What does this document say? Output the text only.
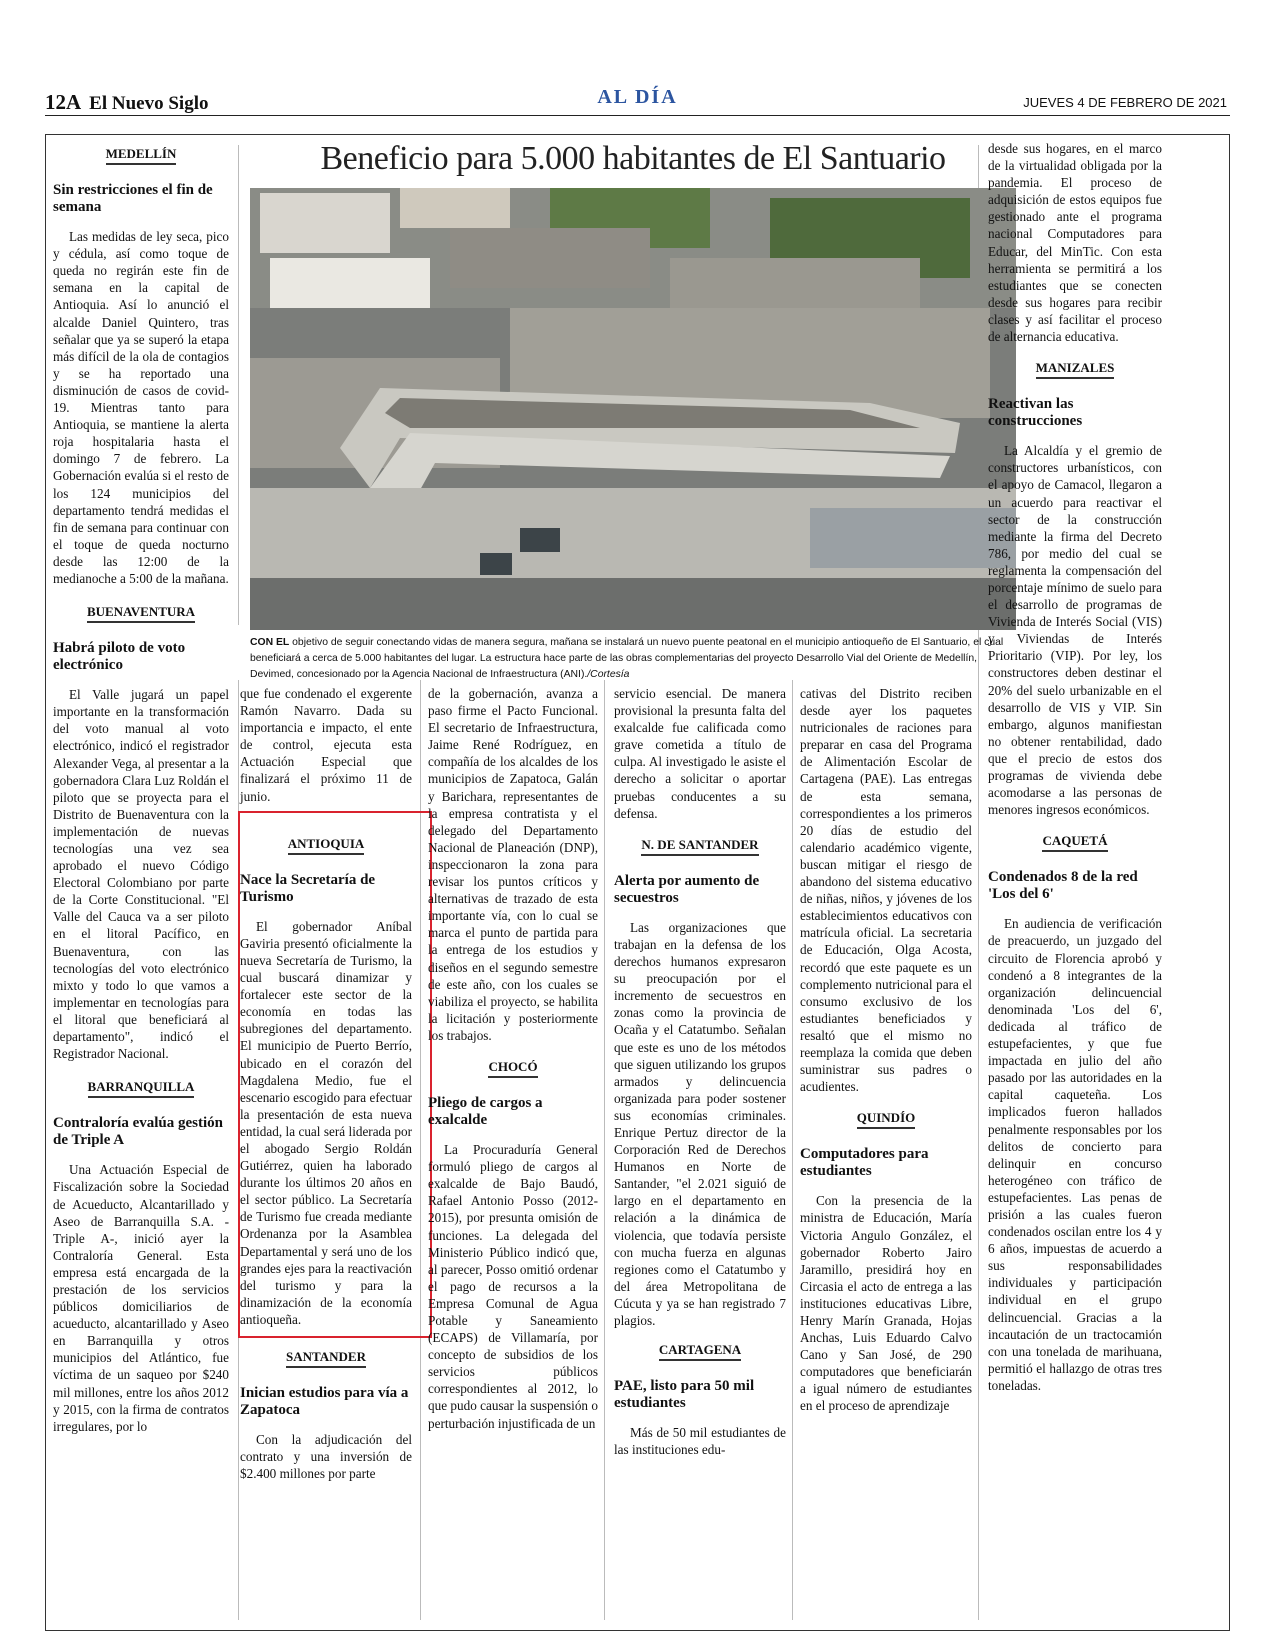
12A El Nuevo Siglo	AL DÍA	JUEVES 4 DE FEBRERO DE 2021
MEDELLÍN
Sin restricciones el fin de semana

Las medidas de ley seca, pico y cédula, así como toque de queda no regirán este fin de semana en la capital de Antioquia. Así lo anunció el alcalde Daniel Quintero, tras señalar que ya se superó la etapa más difícil de la ola de contagios y se ha reportado una disminución de casos de covid-19. Mientras tanto para Antioquia, se mantiene la alerta roja hospitalaria hasta el domingo 7 de febrero. La Gobernación evalúa si el resto de los 124 municipios del departamento tendrá medidas el fin de semana para continuar con el toque de queda nocturno desde las 12:00 de la medianoche a 5:00 de la mañana.

BUENAVENTURA
Habrá piloto de voto electrónico

El Valle jugará un papel importante en la transformación del voto manual al voto electrónico, indicó el registrador Alexander Vega, al presentar a la gobernadora Clara Luz Roldán el piloto que se proyecta para el Distrito de Buenaventura con la implementación de nuevas tecnologías una vez sea aprobado el nuevo Código Electoral Colombiano por parte de la Corte Constitucional. "El Valle del Cauca va a ser piloto en el litoral Pacífico, en Buenaventura, con las tecnologías del voto electrónico mixto y todo lo que vamos a implementar en tecnologías para el litoral que beneficiará al departamento", indicó el Registrador Nacional.

BARRANQUILLA
Contraloría evalúa gestión de Triple A

Una Actuación Especial de Fiscalización sobre la Sociedad de Acueducto, Alcantarillado y Aseo de Barranquilla S.A. -Triple A-, inició ayer la Contraloría General. Esta empresa está encargada de la prestación de los servicios públicos domiciliarios de acueducto, alcantarillado y Aseo en Barranquilla y otros municipios del Atlántico, fue víctima de un saqueo por $240 mil millones, entre los años 2012 y 2015, con la firma de contratos irregulares, por lo

Beneficio para 5.000 habitantes de El Santuario
CON EL objetivo de seguir conectando vidas de manera segura, mañana se instalará un nuevo puente peatonal en el municipio antioqueño de El Santuario, el cual beneficiará a cerca de 5.000 habitantes del lugar. La estructura hace parte de las obras complementarias del proyecto Desarrollo Vial del Oriente de Medellín, Devimed, concesionado por la Agencia Nacional de Infraestructura (ANI)./Cortesía

que fue condenado el exgerente Ramón Navarro. Dada su importancia e impacto, el ente de control, ejecuta esta Actuación Especial que finalizará el próximo 11 de junio.

ANTIOQUIA
Nace la Secretaría de Turismo

El gobernador Aníbal Gaviria presentó oficialmente la nueva Secretaría de Turismo, la cual buscará dinamizar y fortalecer este sector de la economía en todas las subregiones del departamento. El municipio de Puerto Berrío, ubicado en el corazón del Magdalena Medio, fue el escenario escogido para efectuar la presentación de esta nueva entidad, la cual será liderada por el abogado Sergio Roldán Gutiérrez, quien ha laborado durante los últimos 20 años en el sector público. La Secretaría de Turismo fue creada mediante Ordenanza por la Asamblea Departamental y será uno de los grandes ejes para la reactivación del turismo y para la dinamización de la economía antioqueña.

SANTANDER
Inician estudios para vía a Zapatoca

Con la adjudicación del contrato y una inversión de $2.400 millones por parte

de la gobernación, avanza a paso firme el Pacto Funcional. El secretario de Infraestructura, Jaime René Rodríguez, en compañía de los alcaldes de los municipios de Zapatoca, Galán y Barichara, representantes de la empresa contratista y el delegado del Departamento Nacional de Planeación (DNP), inspeccionaron la zona para revisar los puntos críticos y alternativas de trazado de esta importante vía, con lo cual se marca el punto de partida para la entrega de los estudios y diseños en el segundo semestre de este año, con los cuales se viabiliza el proyecto, se habilita la licitación y posteriormente los trabajos.

CHOCÓ
Pliego de cargos a exalcalde

La Procuraduría General formuló pliego de cargos al exalcalde de Bajo Baudó, Rafael Antonio Posso (2012-2015), por presunta omisión de funciones. La delegada del Ministerio Público indicó que, al parecer, Posso omitió ordenar el pago de recursos a la Empresa Comunal de Agua Potable y Saneamiento (ECAPS) de Villamaría, por concepto de subsidios de los servicios públicos correspondientes al 2012, lo que pudo causar la suspensión o perturbación injustificada de un

servicio esencial. De manera provisional la presunta falta del exalcalde fue calificada como grave cometida a título de culpa. Al investigado le asiste el derecho a solicitar o aportar pruebas conducentes a su defensa.

N. DE SANTANDER
Alerta por aumento de secuestros

Las organizaciones que trabajan en la defensa de los derechos humanos expresaron su preocupación por el incremento de secuestros en zonas como la provincia de Ocaña y el Catatumbo. Señalan que este es uno de los métodos que siguen utilizando los grupos armados y delincuencia organizada para poder sostener sus economías criminales. Enrique Pertuz director de la Corporación Red de Derechos Humanos en Norte de Santander, "el 2.021 siguió de largo en el departamento en relación a la dinámica de violencia, que todavía persiste con mucha fuerza en algunas regiones como el Catatumbo y del área Metropolitana de Cúcuta y ya se han registrado 7 plagios.

CARTAGENA
PAE, listo para 50 mil estudiantes

Más de 50 mil estudiantes de las instituciones edu-

cativas del Distrito reciben desde ayer los paquetes nutricionales de raciones para preparar en casa del Programa de Alimentación Escolar de Cartagena (PAE). Las entregas de esta semana, correspondientes a los primeros 20 días de estudio del calendario académico vigente, buscan mitigar el riesgo de abandono del sistema educativo de niñas, niños, y jóvenes de los establecimientos educativos con matrícula oficial. La secretaria de Educación, Olga Acosta, recordó que este paquete es un complemento nutricional para el consumo exclusivo de los estudiantes beneficiados y resaltó que el mismo no reemplaza la comida que deben suministrar sus padres o acudientes.

QUINDÍO
Computadores para estudiantes

Con la presencia de la ministra de Educación, María Victoria Angulo González, el gobernador Roberto Jairo Jaramillo, presidirá hoy en Circasia el acto de entrega a las instituciones educativas Libre, Henry Marín Granada, Hojas Anchas, Luis Eduardo Calvo Cano y San José, de 290 computadores que beneficiarán a igual número de estudiantes en el proceso de aprendizaje

desde sus hogares, en el marco de la virtualidad obligada por la pandemia. El proceso de adquisición de estos equipos fue gestionado ante el programa nacional Computadores para Educar, del MinTic. Con esta herramienta se permitirá a los estudiantes que se conecten desde sus hogares para recibir clases y así facilitar el proceso de alternancia educativa.

MANIZALES
Reactivan las construcciones

La Alcaldía y el gremio de constructores urbanísticos, con el apoyo de Camacol, llegaron a un acuerdo para reactivar el sector de la construcción mediante la firma del Decreto 786, por medio del cual se reglamenta la compensación del porcentaje mínimo de suelo para el desarrollo de programas de Vivienda de Interés Social (VIS) y Viviendas de Interés Prioritario (VIP). Por ley, los constructores deben destinar el 20% del suelo urbanizable en el desarrollo de VIS y VIP. Sin embargo, algunos manifiestan no obtener rentabilidad, dado que el precio de estos dos programas de vivienda debe acomodarse a las personas de menores ingresos económicos.

CAQUETÁ
Condenados 8 de la red 'Los del 6'

En audiencia de verificación de preacuerdo, un juzgado del circuito de Florencia aprobó y condenó a 8 integrantes de la organización delincuencial denominada 'Los del 6', dedicada al tráfico de estupefacientes, y que fue impactada en julio del año pasado por las autoridades en la capital caqueteña. Los implicados fueron hallados penalmente responsables por los delitos de concierto para delinquir en concurso heterogéneo con tráfico de estupefacientes. Las penas de prisión a las cuales fueron condenados oscilan entre los 4 y 6 años, impuestas de acuerdo a sus responsabilidades individuales y participación individual en el grupo delincuencial. Gracias a la incautación de un tractocamión con una tonelada de marihuana, permitió el hallazgo de otras tres toneladas.
